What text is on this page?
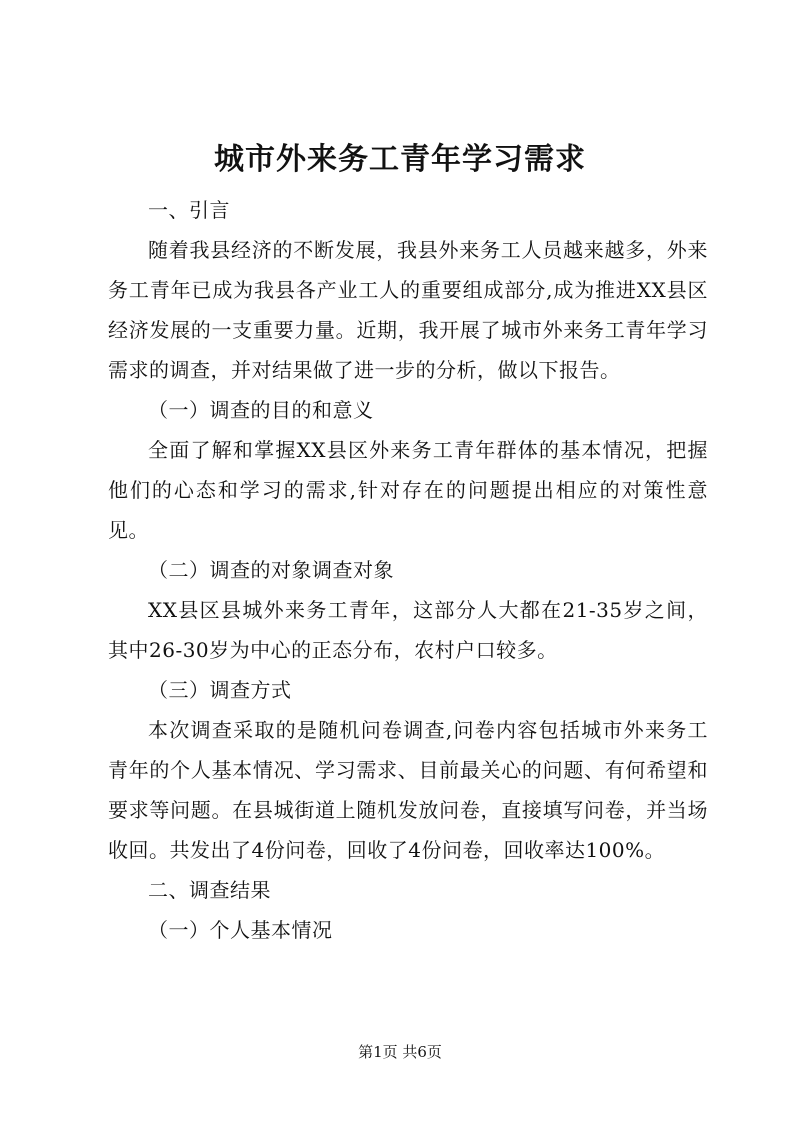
城市外来务工青年学习需求

一、引言

随着我县经济的不断发展，我县外来务工人员越来越多，外来务工青年已成为我县各产业工人的重要组成部分,成为推进XX县区经济发展的一支重要力量。近期，我开展了城市外来务工青年学习需求的调查，并对结果做了进一步的分析，做以下报告。

（一）调查的目的和意义

全面了解和掌握XX县区外来务工青年群体的基本情况，把握他们的心态和学习的需求,针对存在的问题提出相应的对策性意见。

（二）调查的对象调查对象

XX县区县城外来务工青年，这部分人大都在21-35岁之间，其中26-30岁为中心的正态分布，农村户口较多。

（三）调查方式

本次调查采取的是随机问卷调查,问卷内容包括城市外来务工青年的个人基本情况、学习需求、目前最关心的问题、有何希望和要求等问题。在县城街道上随机发放问卷，直接填写问卷，并当场收回。共发出了4份问卷，回收了4份问卷，回收率达100%。

二、调查结果

（一）个人基本情况

第1页 共6页
